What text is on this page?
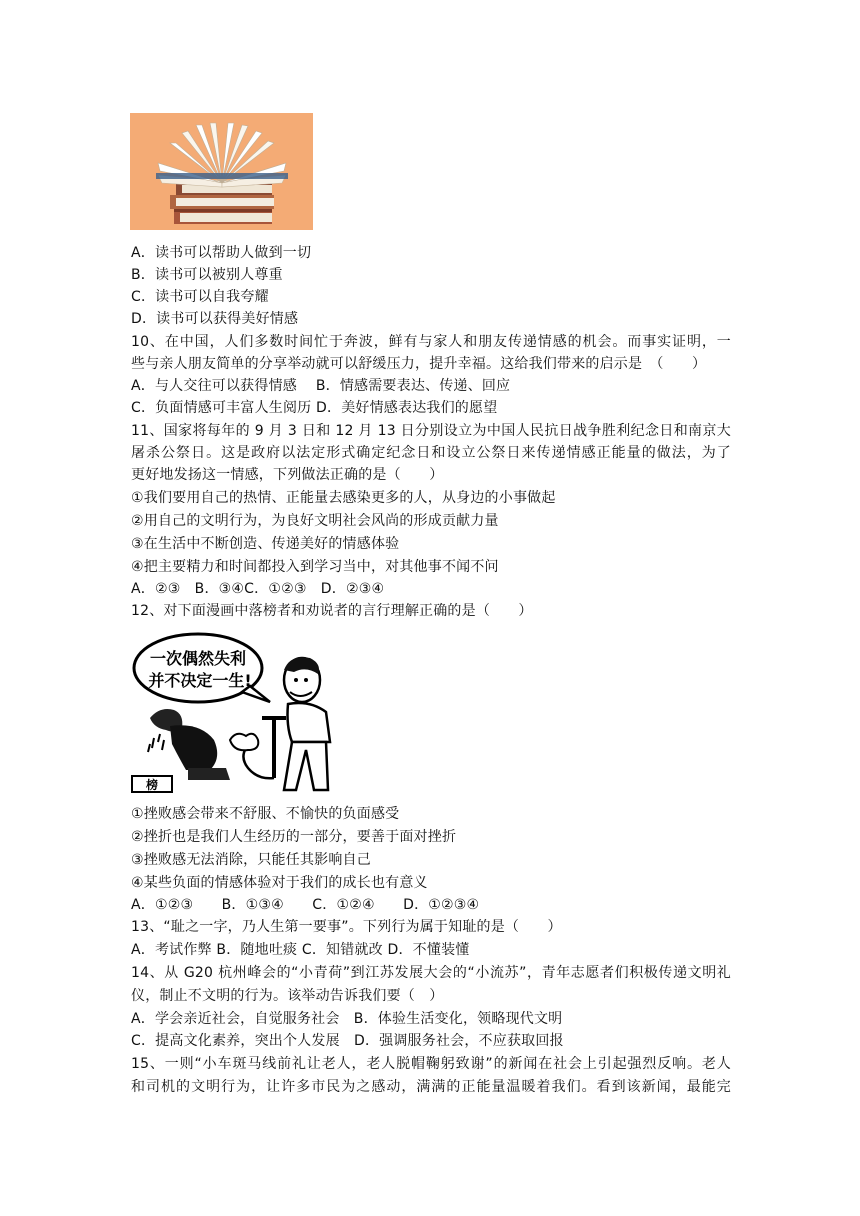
一次偶然失利
并不决定一生!
榜
A．读书可以帮助人做到一切
B．读书可以被别人尊重
C．读书可以自我夸耀
D．读书可以获得美好情感
10、在中国，人们多数时间忙于奔波，鲜有与家人和朋友传递情感的机会。而事实证明，一
些与亲人朋友简单的分享举动就可以舒缓压力，提升幸福。这给我们带来的启示是　（　　）
A．与人交往可以获得情感　 B．情感需要表达、传递、回应
C．负面情感可丰富人生阅历 D．美好情感表达我们的愿望
11、国家将每年的 9 月 3 日和 12 月 13 日分别设立为中国人民抗日战争胜利纪念日和南京大
屠杀公祭日。这是政府以法定形式确定纪念日和设立公祭日来传递情感正能量的做法，为了
更好地发扬这一情感，下列做法正确的是（　　）
①我们要用自己的热情、正能量去感染更多的人，从身边的小事做起
②用自己的文明行为，为良好文明社会风尚的形成贡献力量
③在生活中不断创造、传递美好的情感体验
④把主要精力和时间都投入到学习当中，对其他事不闻不问
A．②③　B．③④C．①②③　D．②③④
12、对下面漫画中落榜者和劝说者的言行理解正确的是（　　）
①挫败感会带来不舒服、不愉快的负面感受
②挫折也是我们人生经历的一部分，要善于面对挫折
③挫败感无法消除，只能任其影响自己
④某些负面的情感体验对于我们的成长也有意义
A．①②③　　B．①③④　　C．①②④　　D．①②③④
13、“耻之一字，乃人生第一要事”。下列行为属于知耻的是（　　）
A．考试作弊 B．随地吐痰 C．知错就改 D．不懂装懂
14、从 G20 杭州峰会的“小青荷”到江苏发展大会的“小流苏”，青年志愿者们积极传递文明礼
仪，制止不文明的行为。该举动告诉我们要（　）
A．学会亲近社会，自觉服务社会　B．体验生活变化，领略现代文明
C．提高文化素养，突出个人发展　D．强调服务社会，不应获取回报
15、一则“小车斑马线前礼让老人，老人脱帽鞠躬致谢”的新闻在社会上引起强烈反响。老人
和司机的文明行为，让许多市民为之感动，满满的正能量温暖着我们。看到该新闻，最能完
